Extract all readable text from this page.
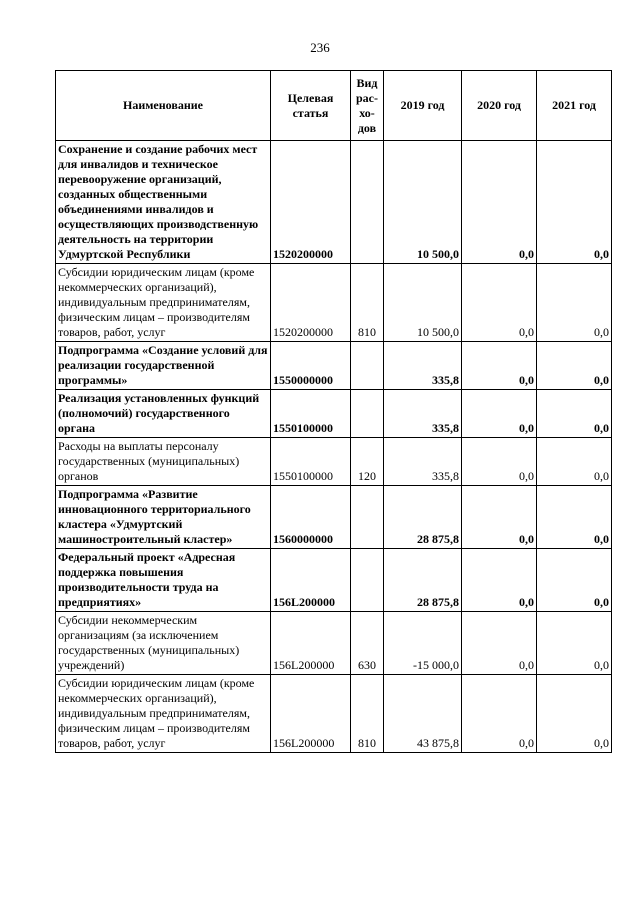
236
Наименование	Целевая статья	Вид рас-хо-дов	2019 год	2020 год	2021 год
Сохранение и создание рабочих мест для инвалидов и техническое перевооружение организаций, созданных общественными объединениями инвалидов и осуществляющих производственную деятельность на территории Удмуртской Республики	1520200000		10 500,0	0,0	0,0
Субсидии юридическим лицам (кроме некоммерческих организаций), индивидуальным предпринимателям, физическим лицам – производителям товаров, работ, услуг	1520200000	810	10 500,0	0,0	0,0
Подпрограмма «Создание условий для реализации государственной программы»	1550000000		335,8	0,0	0,0
Реализация установленных функций (полномочий) государственного органа	1550100000		335,8	0,0	0,0
Расходы на выплаты персоналу государственных (муниципальных) органов	1550100000	120	335,8	0,0	0,0
Подпрограмма «Развитие инновационного территориального кластера «Удмуртский машиностроительный кластер»	1560000000		28 875,8	0,0	0,0
Федеральный проект «Адресная поддержка повышения производительности труда на предприятиях»	156L200000		28 875,8	0,0	0,0
Субсидии некоммерческим организациям (за исключением государственных (муниципальных) учреждений)	156L200000	630	-15 000,0	0,0	0,0
Субсидии юридическим лицам (кроме некоммерческих организаций), индивидуальным предпринимателям, физическим лицам – производителям товаров, работ, услуг	156L200000	810	43 875,8	0,0	0,0
